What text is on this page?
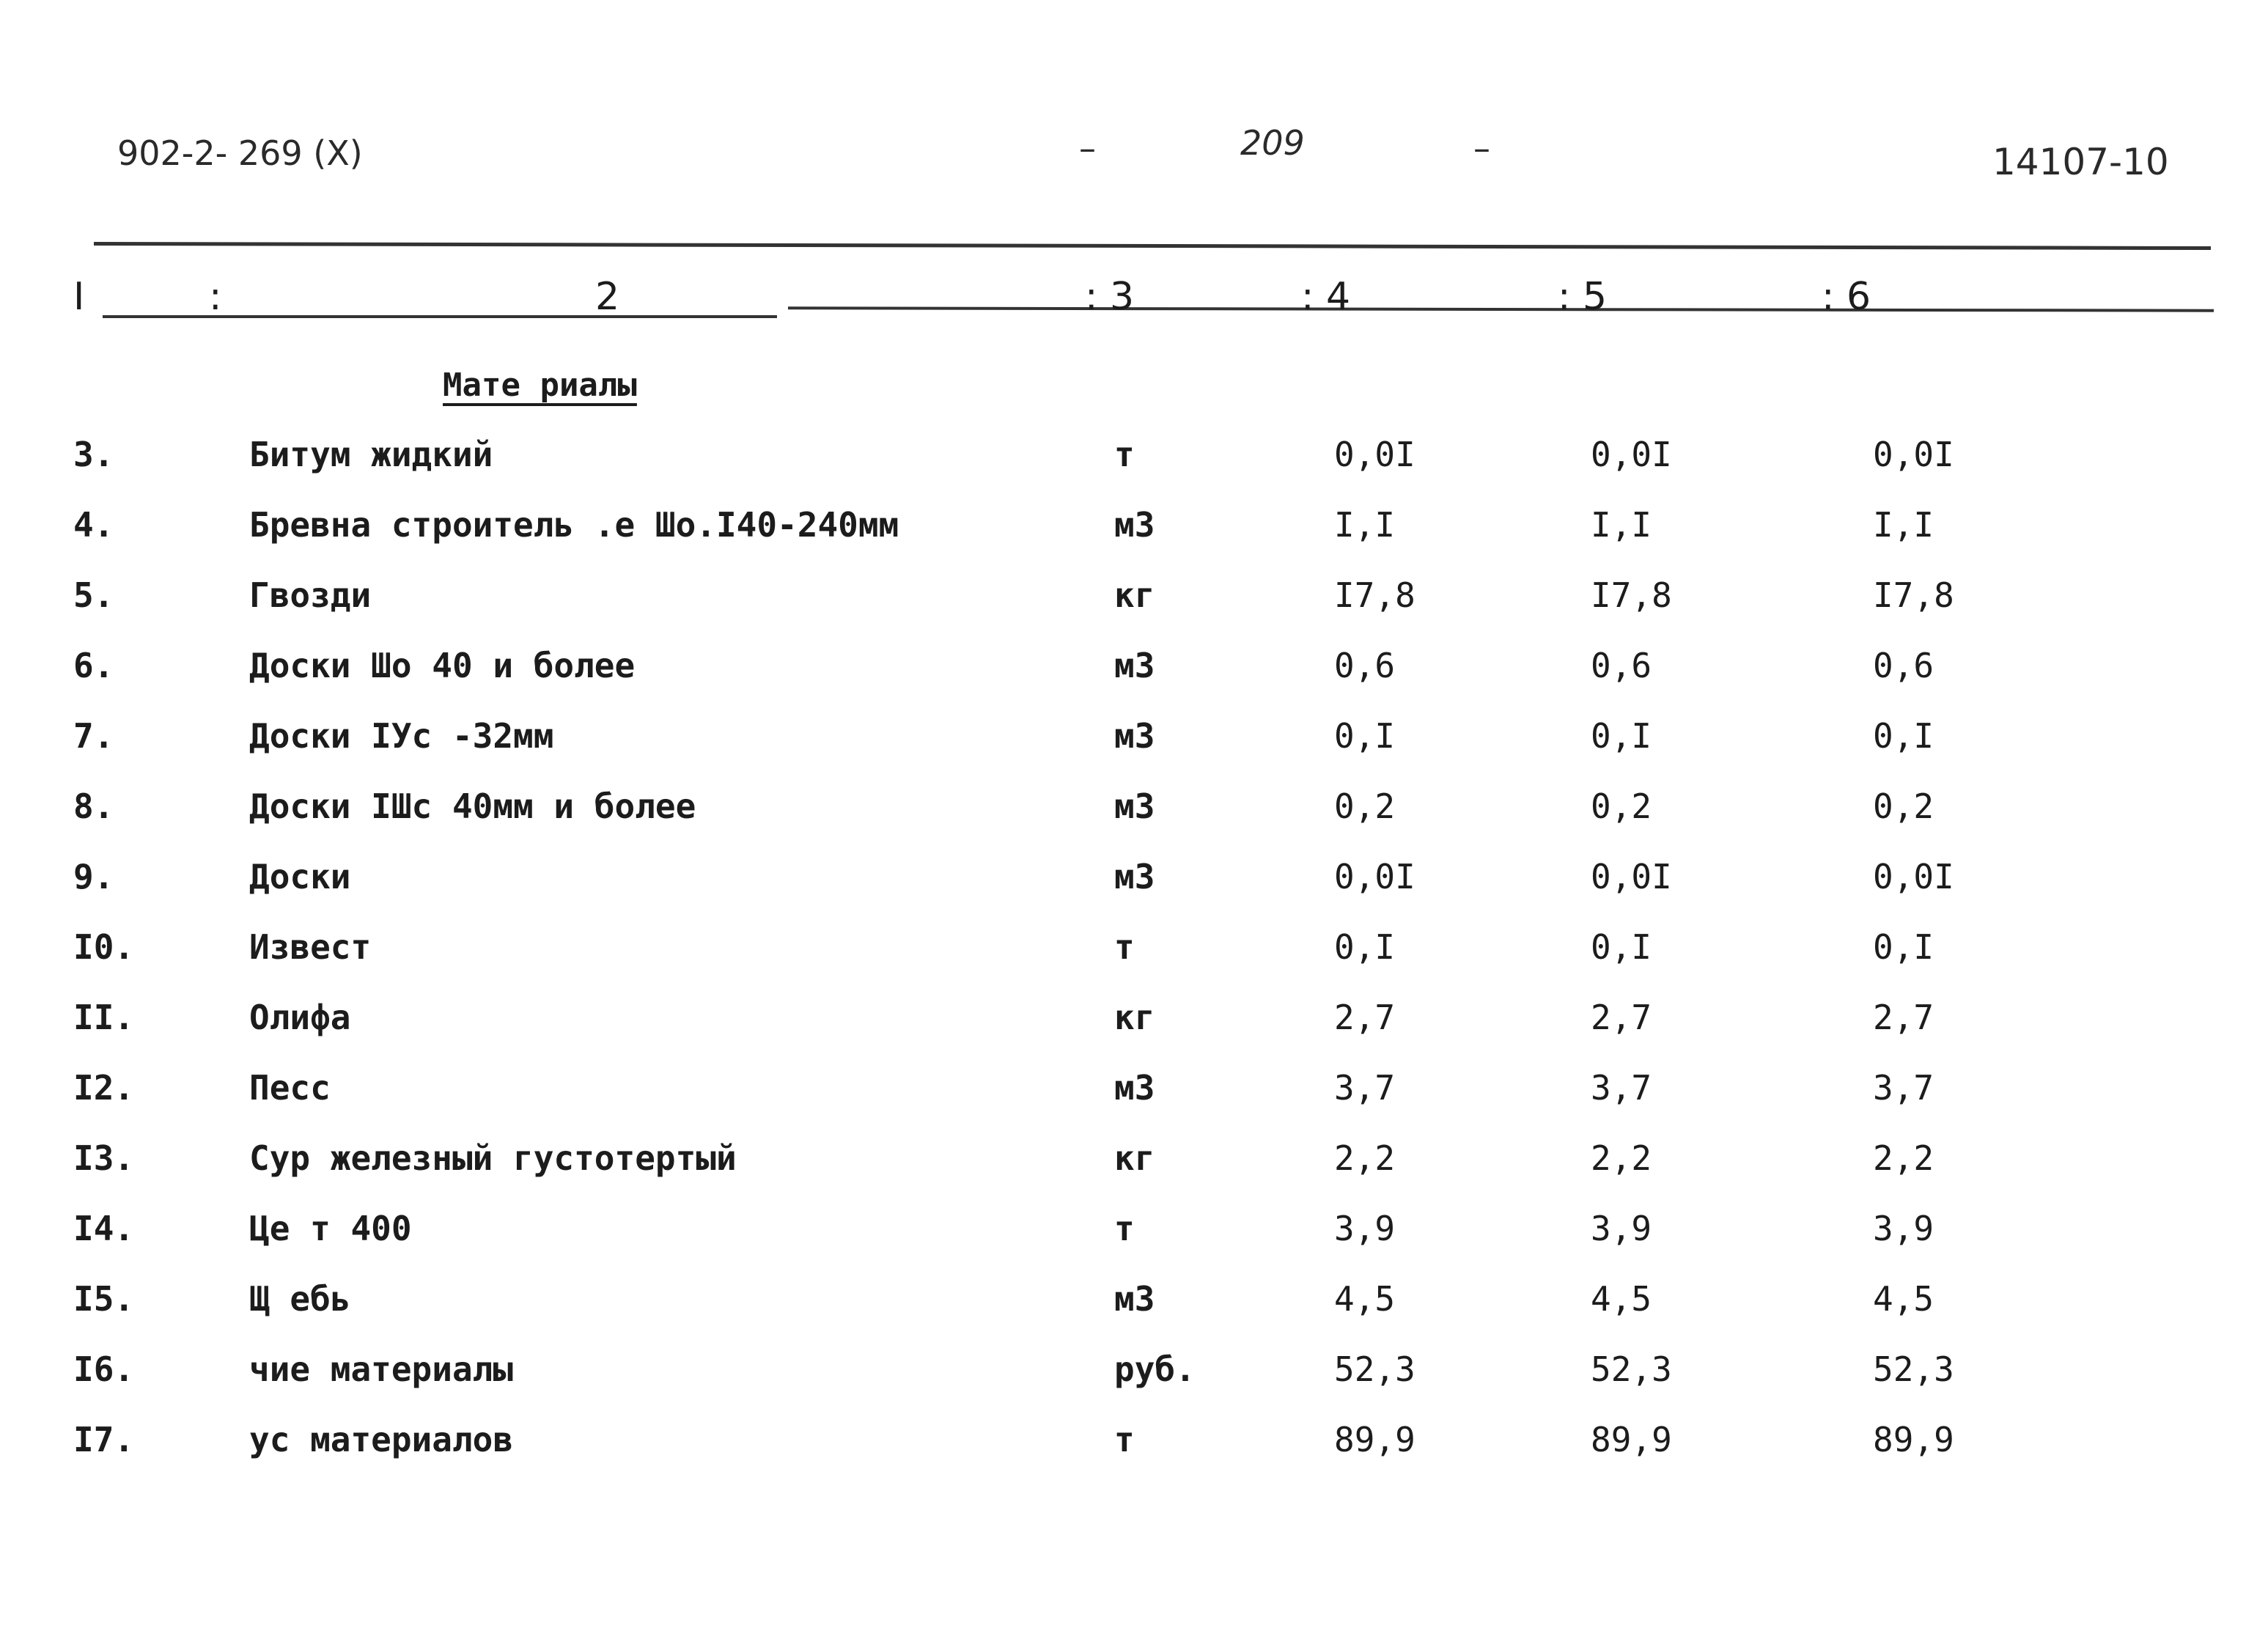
902-2- 269 (X)	–	209	–	14107-10
I	:	2	: 3	: 4	: 5	: 6
Мате риалы
3.	Битум жидкий	т	0,0I	0,0I	0,0I
4.	Бревна строитель .е Шо.I40-240мм	м3	I,I	I,I	I,I
5.	Гвозди	кг	I7,8	I7,8	I7,8
6.	Доски Шо 40 и более	м3	0,6	0,6	0,6
7.	Доски IУс -32мм	м3	0,I	0,I	0,I
8.	Доски IШс 40мм и более	м3	0,2	0,2	0,2
9.	Доски	м3	0,0I	0,0I	0,0I
I0.	Извест	т	0,I	0,I	0,I
II.	Олифа	кг	2,7	2,7	2,7
I2.	Песс	м3	3,7	3,7	3,7
I3.	Сур железный густотертый	кг	2,2	2,2	2,2
I4.	Це т 400	т	3,9	3,9	3,9
I5.	Щ ебь	м3	4,5	4,5	4,5
I6.	чие материалы	руб.	52,3	52,3	52,3
I7.	ус материалов	т	89,9	89,9	89,9
